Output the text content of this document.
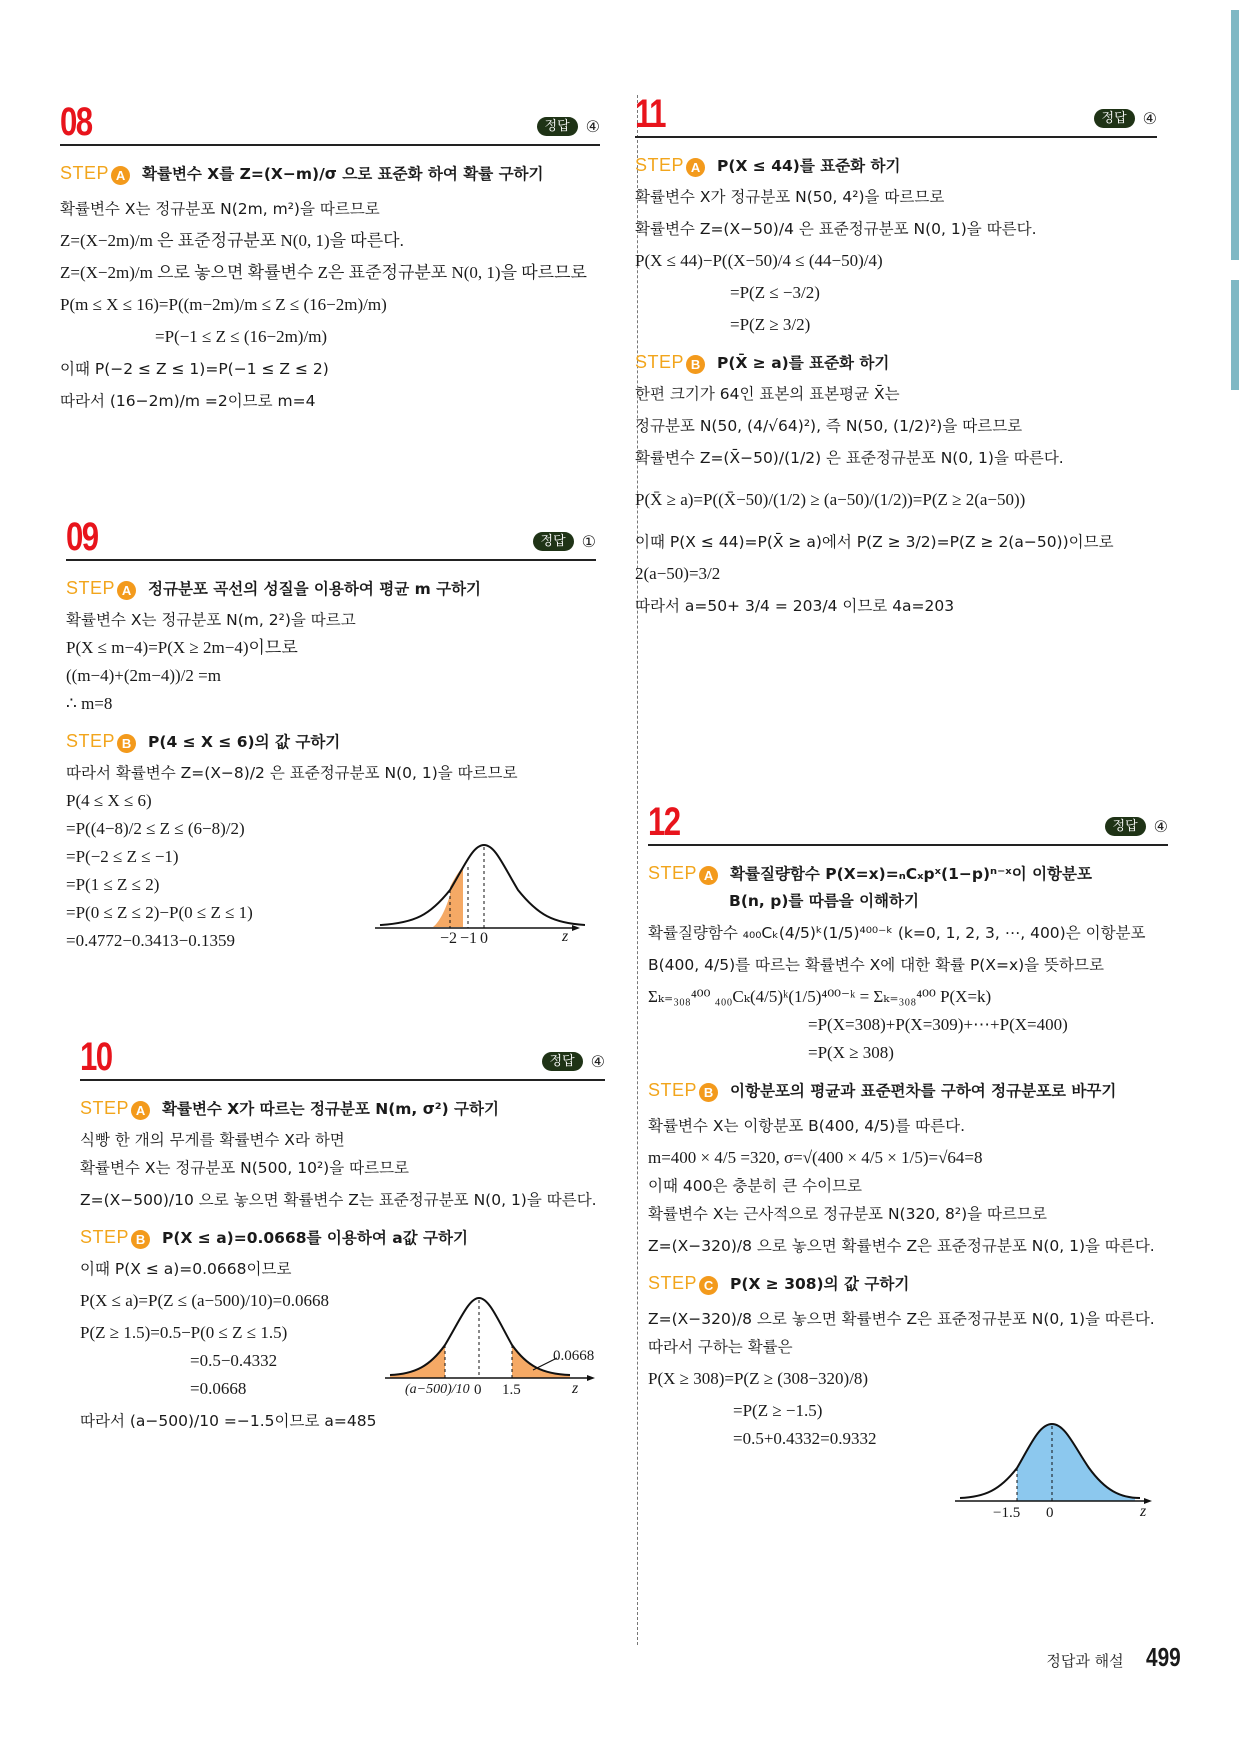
08	정답	④
STEP A	확률변수 X를 Z=(X−m)/σ 으로 표준화 하여 확률 구하기
확률변수 X는 정규분포 N(2m, m²)을 따르므로
Z=(X−2m)/m 은 표준정규분포 N(0, 1)을 따른다.
Z=(X−2m)/m 으로 놓으면 확률변수 Z은 표준정규분포 N(0, 1)을 따르므로
P(m ≤ X ≤ 16)=P((m−2m)/m ≤ Z ≤ (16−2m)/m)
=P(−1 ≤ Z ≤ (16−2m)/m)
이때 P(−2 ≤ Z ≤ 1)=P(−1 ≤ Z ≤ 2)
따라서 (16−2m)/m =2이므로 m=4
09	정답	①
STEP A	정규분포 곡선의 성질을 이용하여 평균 m 구하기
확률변수 X는 정규분포 N(m, 2²)을 따르고
P(X ≤ m−4)=P(X ≥ 2m−4)이므로
((m−4)+(2m−4))/2 =m
∴ m=8
STEP B	P(4 ≤ X ≤ 6)의 값 구하기
따라서 확률변수 Z=(X−8)/2 은 표준정규분포 N(0, 1)을 따르므로
P(4 ≤ X ≤ 6)
=P((4−8)/2 ≤ Z ≤ (6−8)/2)
=P(−2 ≤ Z ≤ −1)
=P(1 ≤ Z ≤ 2)
=P(0 ≤ Z ≤ 2)−P(0 ≤ Z ≤ 1)
=0.4772−0.3413−0.1359	−2 −1 0	z
10	정답	④
STEP A	확률변수 X가 따르는 정규분포 N(m, σ²) 구하기
식빵 한 개의 무게를 확률변수 X라 하면
확률변수 X는 정규분포 N(500, 10²)을 따르므로
Z=(X−500)/10 으로 놓으면 확률변수 Z는 표준정규분포 N(0, 1)을 따른다.
STEP B	P(X ≤ a)=0.0668를 이용하여 a값 구하기
이때 P(X ≤ a)=0.0668이므로
P(X ≤ a)=P(Z ≤ (a−500)/10)=0.0668
P(Z ≥ 1.5)=0.5−P(0 ≤ Z ≤ 1.5)
=0.5−0.4332
=0.0668
따라서 (a−500)/10 =−1.5이므로 a=485
0.0668
(a−500)/10 0 1.5	z
11	정답	④
STEP A	P(X ≤ 44)를 표준화 하기
확률변수 X가 정규분포 N(50, 4²)을 따르므로
확률변수 Z=(X−50)/4 은 표준정규분포 N(0, 1)을 따른다.
P(X ≤ 44)−P((X−50)/4 ≤ (44−50)/4)
=P(Z ≤ −3/2)
=P(Z ≥ 3/2)
STEP B	P(X̄ ≥ a)를 표준화 하기
한편 크기가 64인 표본의 표본평균 X̄는
정규분포 N(50, (4/√64)²), 즉 N(50, (1/2)²)을 따르므로
확률변수 Z=(X̄−50)/(1/2) 은 표준정규분포 N(0, 1)을 따른다.
P(X̄ ≥ a)=P((X̄−50)/(1/2) ≥ (a−50)/(1/2))=P(Z ≥ 2(a−50))
이때 P(X ≤ 44)=P(X̄ ≥ a)에서 P(Z ≥ 3/2)=P(Z ≥ 2(a−50))이므로
2(a−50)=3/2
따라서 a=50+ 3/4 = 203/4 이므로 4a=203
12	정답	④
STEP A	확률질량함수 P(X=x)=ₙCₓpˣ(1−p)ⁿ⁻ˣ이 이항분포
B(n, p)를 따름을 이해하기
확률질량함수 ₄₀₀Cₖ(4/5)ᵏ(1/5)⁴⁰⁰⁻ᵏ (k=0, 1, 2, 3, ⋯, 400)은 이항분포
B(400, 4/5)를 따르는 확률변수 X에 대한 확률 P(X=x)을 뜻하므로
Σₖ₌₃₀₈⁴⁰⁰ ₄₀₀Cₖ(4/5)ᵏ(1/5)⁴⁰⁰⁻ᵏ = Σₖ₌₃₀₈⁴⁰⁰ P(X=k)
=P(X=308)+P(X=309)+⋯+P(X=400)
=P(X ≥ 308)
STEP B	이항분포의 평균과 표준편차를 구하여 정규분포로 바꾸기
확률변수 X는 이항분포 B(400, 4/5)를 따른다.
m=400 × 4/5 =320, σ=√(400 × 4/5 × 1/5)=√64=8
이때 400은 충분히 큰 수이므로
확률변수 X는 근사적으로 정규분포 N(320, 8²)을 따르므로
Z=(X−320)/8 으로 놓으면 확률변수 Z은 표준정규분포 N(0, 1)을 따른다.
STEP C	P(X ≥ 308)의 값 구하기
Z=(X−320)/8 으로 놓으면 확률변수 Z은 표준정규분포 N(0, 1)을 따른다.
따라서 구하는 확률은
P(X ≥ 308)=P(Z ≥ (308−320)/8)
=P(Z ≥ −1.5)
=0.5+0.4332=0.9332
−1.5 0	z
정답과 해설 499
